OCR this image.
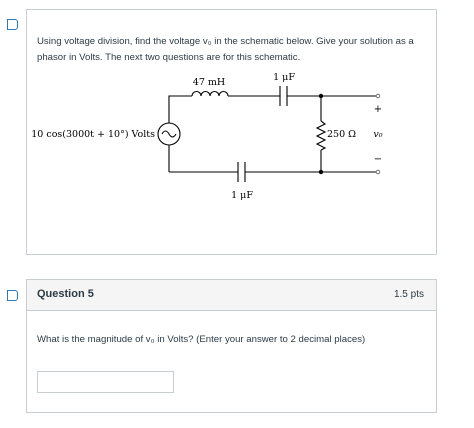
Using voltage division, find the voltage v₀ in the schematic below. Give your solution as a phasor in Volts. The next two questions are for this schematic.
47 mH	1 μF
1 μF
250 Ω
10 cos(3000t + 10°) Volts	v₀
+
−
Question 5	1.5 pts
What is the magnitude of v₀ in Volts? (Enter your answer to 2 decimal places)
